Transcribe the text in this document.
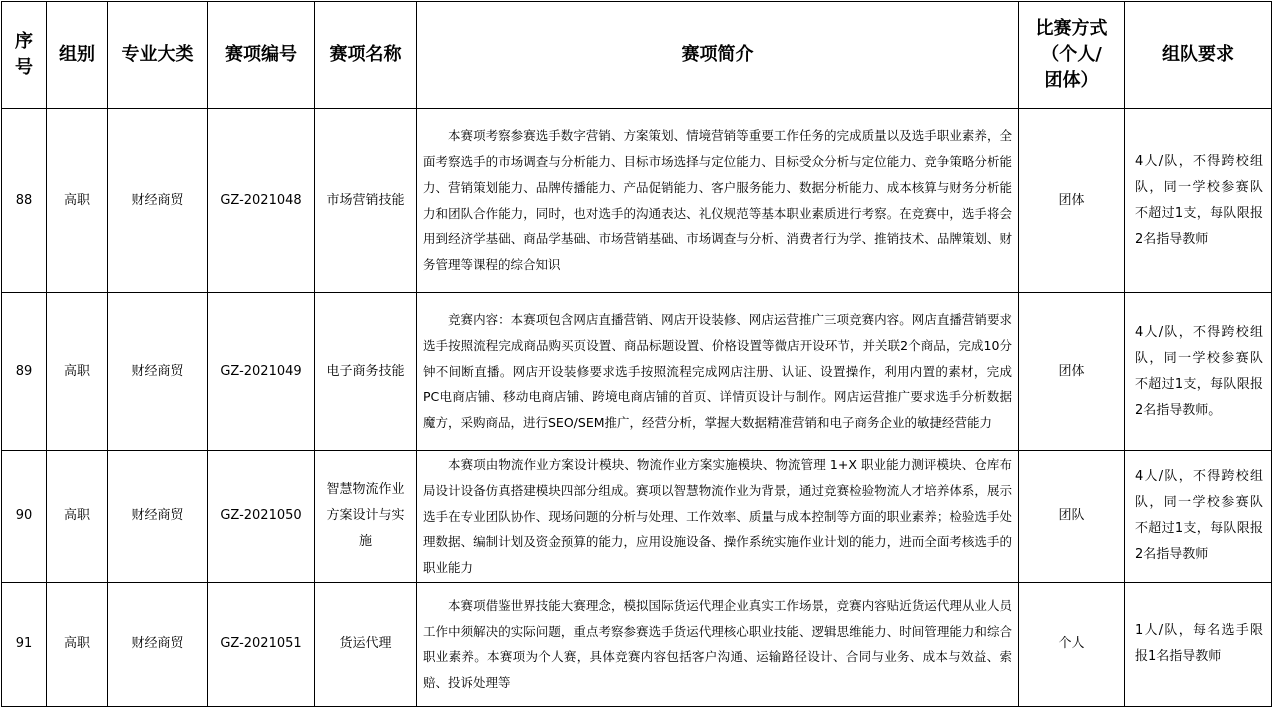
序号	组别	专业大类	赛项编号	赛项名称	赛项简介	比赛方式（个人/团体）	组队要求
88	高职	财经商贸	GZ-2021048	市场营销技能	本赛项考察参赛选手数字营销、方案策划、情境营销等重要工作任务的完成质量以及选手职业素养，全面考察选手的市场调查与分析能力、目标市场选择与定位能力、目标受众分析与定位能力、竞争策略分析能力、营销策划能力、品牌传播能力、产品促销能力、客户服务能力、数据分析能力、成本核算与财务分析能力和团队合作能力，同时，也对选手的沟通表达、礼仪规范等基本职业素质进行考察。在竞赛中，选手将会用到经济学基础、商品学基础、市场营销基础、市场调查与分析、消费者行为学、推销技术、品牌策划、财务管理等课程的综合知识	团体	4人/队，不得跨校组队，同一学校参赛队不超过1支，每队限报2名指导教师
89	高职	财经商贸	GZ-2021049	电子商务技能	竞赛内容：本赛项包含网店直播营销、网店开设装修、网店运营推广三项竞赛内容。网店直播营销要求选手按照流程完成商品购买页设置、商品标题设置、价格设置等微店开设环节，并关联2个商品，完成10分钟不间断直播。网店开设装修要求选手按照流程完成网店注册、认证、设置操作，利用内置的素材，完成PC电商店铺、移动电商店铺、跨境电商店铺的首页、详情页设计与制作。网店运营推广要求选手分析数据魔方，采购商品，进行SEO/SEM推广，经营分析，掌握大数据精准营销和电子商务企业的敏捷经营能力	团体	4人/队，不得跨校组队，同一学校参赛队不超过1支，每队限报2名指导教师。
90	高职	财经商贸	GZ-2021050	智慧物流作业方案设计与实施	本赛项由物流作业方案设计模块、物流作业方案实施模块、物流管理 1+X 职业能力测评模块、仓库布局设计设备仿真搭建模块四部分组成。赛项以智慧物流作业为背景，通过竞赛检验物流人才培养体系，展示选手在专业团队协作、现场问题的分析与处理、工作效率、质量与成本控制等方面的职业素养；检验选手处理数据、编制计划及资金预算的能力，应用设施设备、操作系统实施作业计划的能力，进而全面考核选手的职业能力	团队	4人/队，不得跨校组队，同一学校参赛队不超过1支，每队限报2名指导教师
91	高职	财经商贸	GZ-2021051	货运代理	本赛项借鉴世界技能大赛理念，模拟国际货运代理企业真实工作场景，竞赛内容贴近货运代理从业人员工作中须解决的实际问题，重点考察参赛选手货运代理核心职业技能、逻辑思维能力、时间管理能力和综合职业素养。本赛项为个人赛，具体竞赛内容包括客户沟通、运输路径设计、合同与业务、成本与效益、索赔、投诉处理等	个人	1人/队，每名选手限报1名指导教师
